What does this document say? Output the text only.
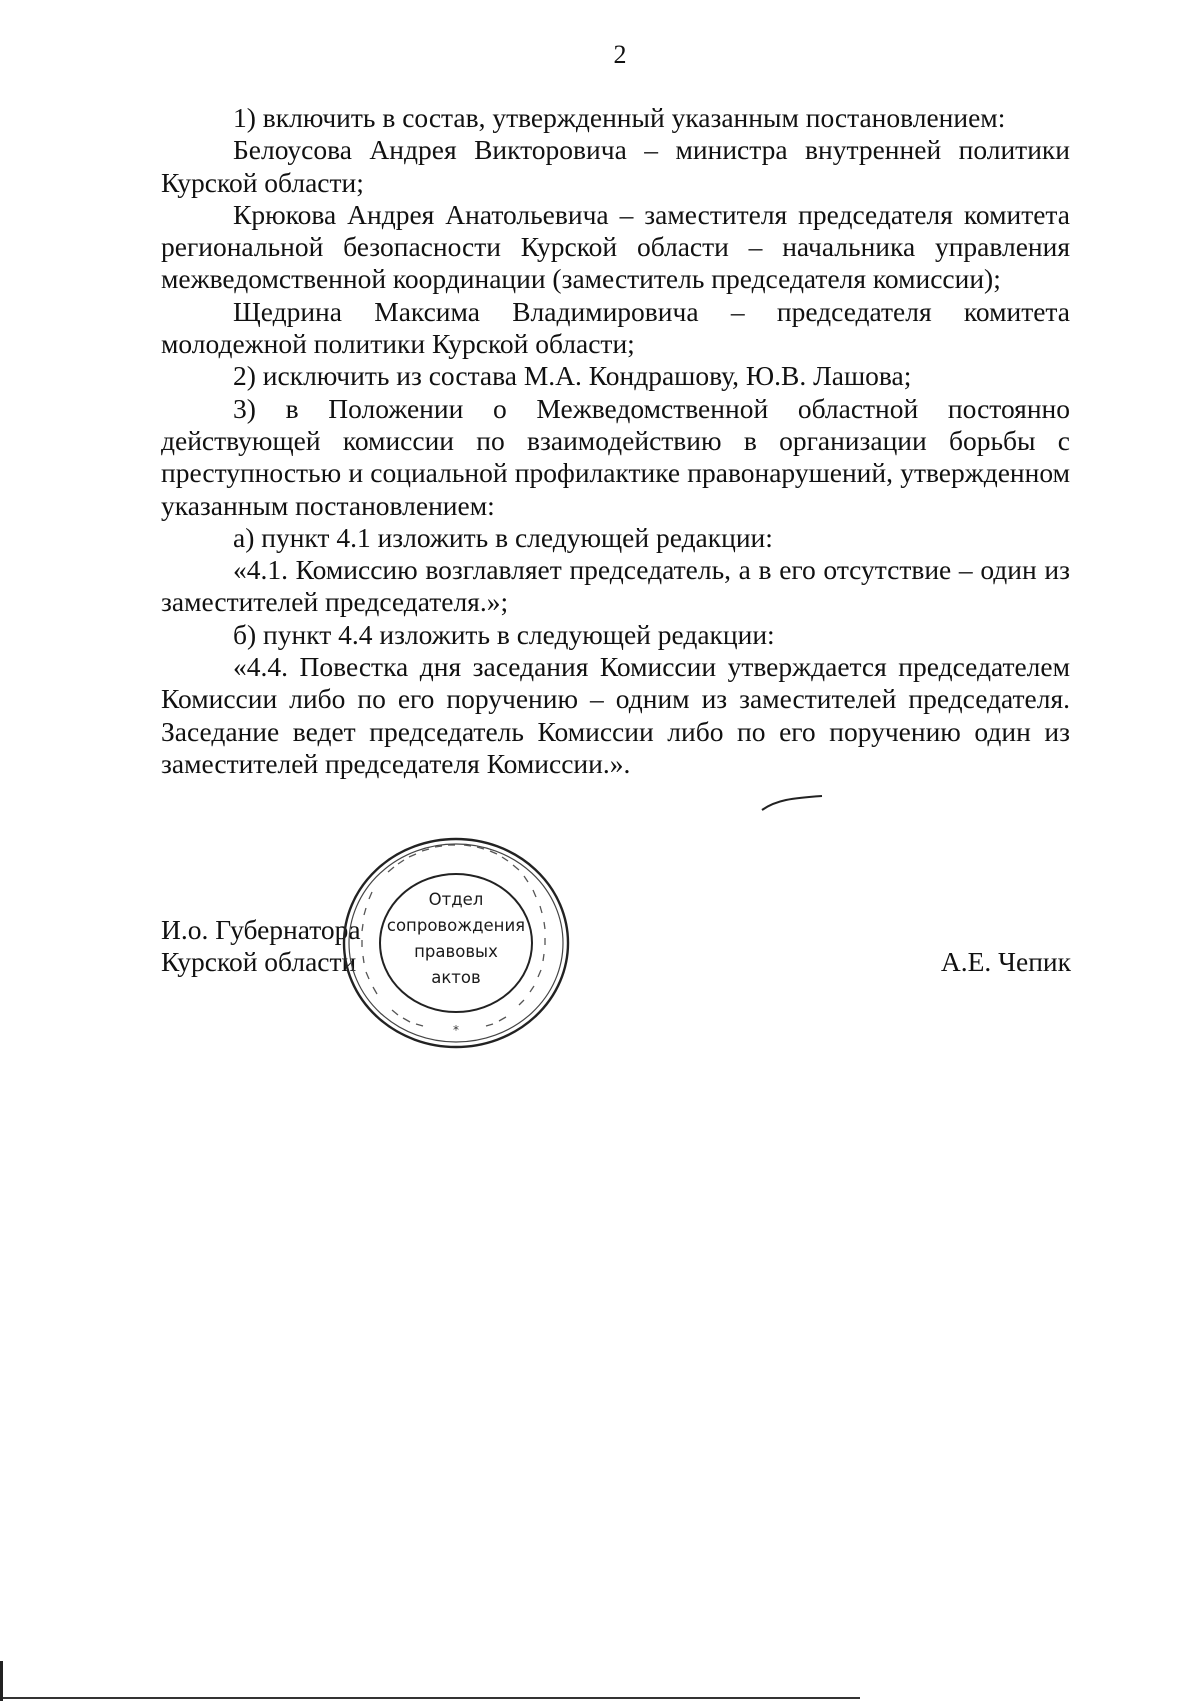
2

1) включить в состав, утвержденный указанным постановлением:

Белоусова Андрея Викторовича – министра внутренней политики Курской области;

Крюкова Андрея Анатольевича – заместителя председателя комитета региональной безопасности Курской области – начальника управления межведомственной координации (заместитель председателя комиссии);

Щедрина Максима Владимировича – председателя комитета молодежной политики Курской области;

2) исключить из состава М.А. Кондрашову, Ю.В. Лашова;

3) в Положении о Межведомственной областной постоянно действующей комиссии по взаимодействию в организации борьбы с преступностью и социальной профилактике правонарушений, утвержденном указанным постановлением:

а) пункт 4.1 изложить в следующей редакции:

«4.1. Комиссию возглавляет председатель, а в его отсутствие – один из заместителей председателя.»;

б) пункт 4.4 изложить в следующей редакции:

«4.4. Повестка дня заседания Комиссии утверждается председателем Комиссии либо по его поручению – одним из заместителей председателя. Заседание ведет председатель Комиссии либо по его поручению один из заместителей председателя Комиссии.».

И.о. Губернатора
Курской области	А.Е. Чепик
*
Отдел
сопровождения
правовых
актов
